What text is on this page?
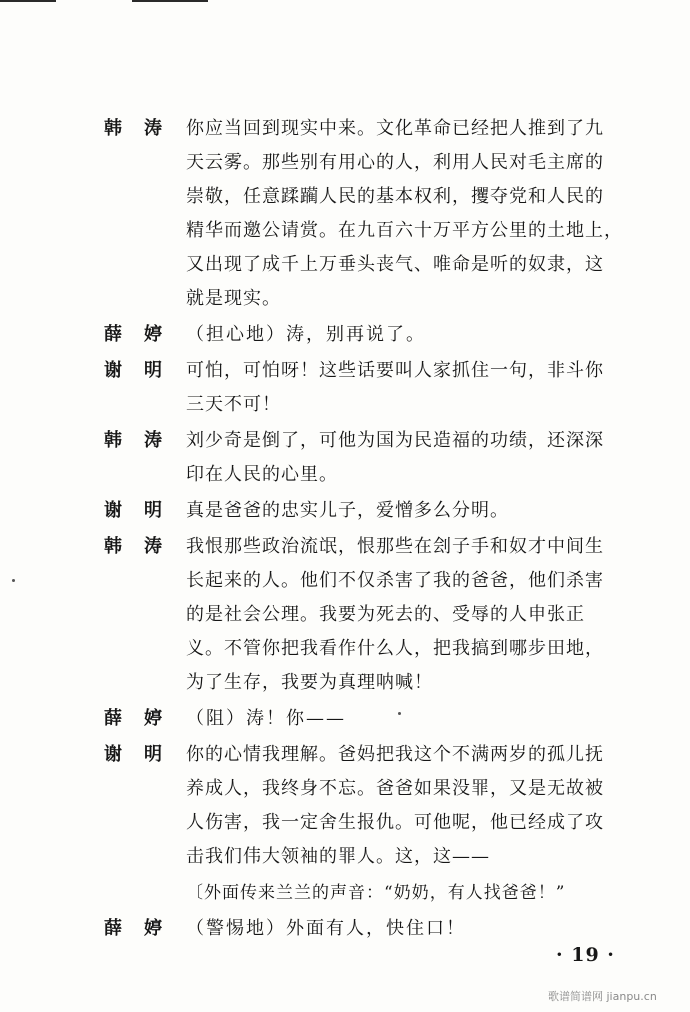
韩涛 你应当回到现实中来。文化革命已经把人推到了九
天云雾。那些别有用心的人，利用人民对毛主席的
崇敬，任意蹂躏人民的基本权利，攫夺党和人民的
精华而邀公请赏。在九百六十万平方公里的土地上，
又出现了成千上万垂头丧气、唯命是听的奴隶，这
就是现实。
薛婷 （担心地）涛，别再说了。
谢明 可怕，可怕呀！这些话要叫人家抓住一句，非斗你
三天不可！
韩涛 刘少奇是倒了，可他为国为民造福的功绩，还深深
印在人民的心里。
谢明 真是爸爸的忠实儿子，爱憎多么分明。
韩涛 我恨那些政治流氓，恨那些在刽子手和奴才中间生
长起来的人。他们不仅杀害了我的爸爸，他们杀害
的是社会公理。我要为死去的、受辱的人申张正
义。不管你把我看作什么人，把我搞到哪步田地，
为了生存，我要为真理呐喊！
薛婷 （阻）涛！你——
谢明 你的心情我理解。爸妈把我这个不满两岁的孤儿抚
养成人，我终身不忘。爸爸如果没罪，又是无故被
人伤害，我一定舍生报仇。可他呢，他已经成了攻
击我们伟大领袖的罪人。这，这——
〔外面传来兰兰的声音：“奶奶，有人找爸爸！”
薛婷 （警惕地）外面有人，快住口！
· 19 ·
歌谱简谱网 jianpu.cn
